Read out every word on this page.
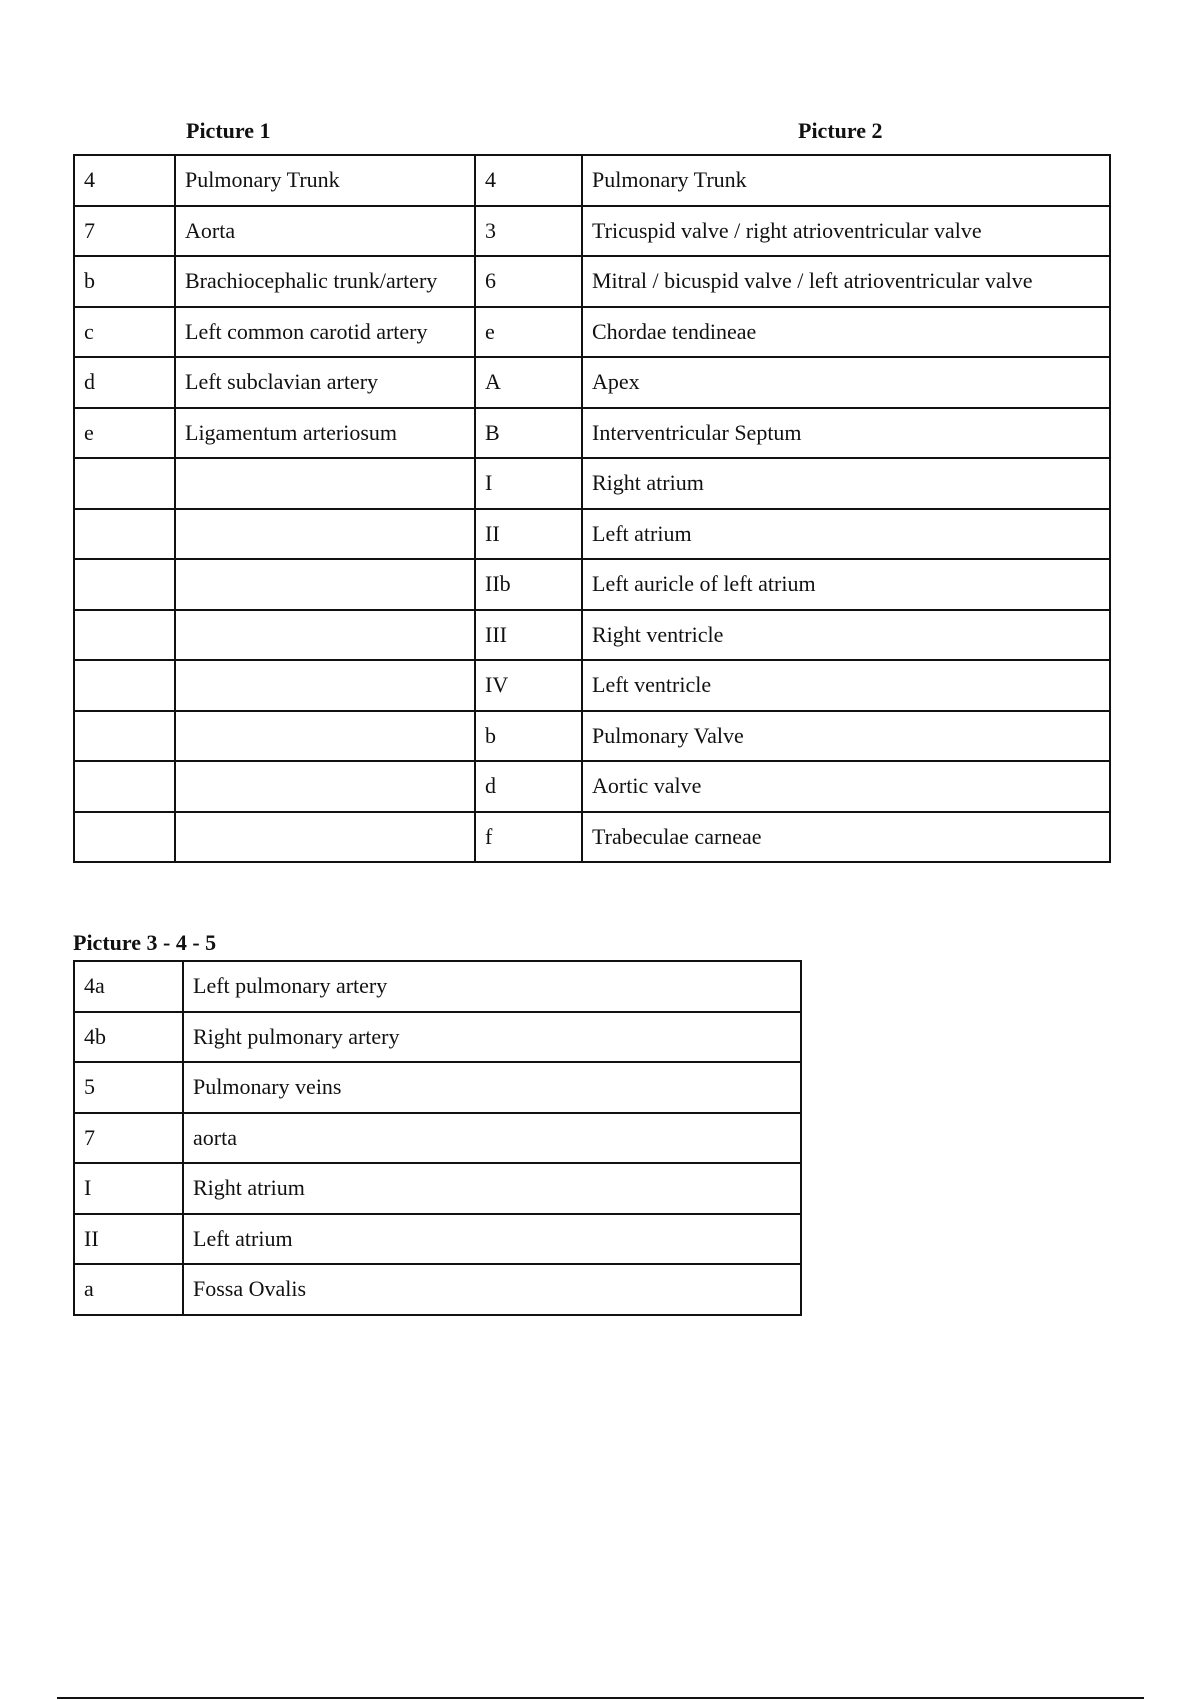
Picture 1	Picture 2
4	Pulmonary Trunk	4	Pulmonary Trunk
7	Aorta	3	Tricuspid valve / right atrioventricular valve
b	Brachiocephalic trunk/artery	6	Mitral / bicuspid valve / left atrioventricular valve
c	Left common carotid artery	e	Chordae tendineae
d	Left subclavian artery	A	Apex
e	Ligamentum arteriosum	B	Interventricular Septum
		I	Right atrium
		II	Left atrium
		IIb	Left auricle of left atrium
		III	Right ventricle
		IV	Left ventricle
		b	Pulmonary Valve
		d	Aortic valve
		f	Trabeculae carneae
Picture 3 - 4 - 5
4a	Left pulmonary artery
4b	Right pulmonary artery
5	Pulmonary veins
7	aorta
I	Right atrium
II	Left atrium
a	Fossa Ovalis
